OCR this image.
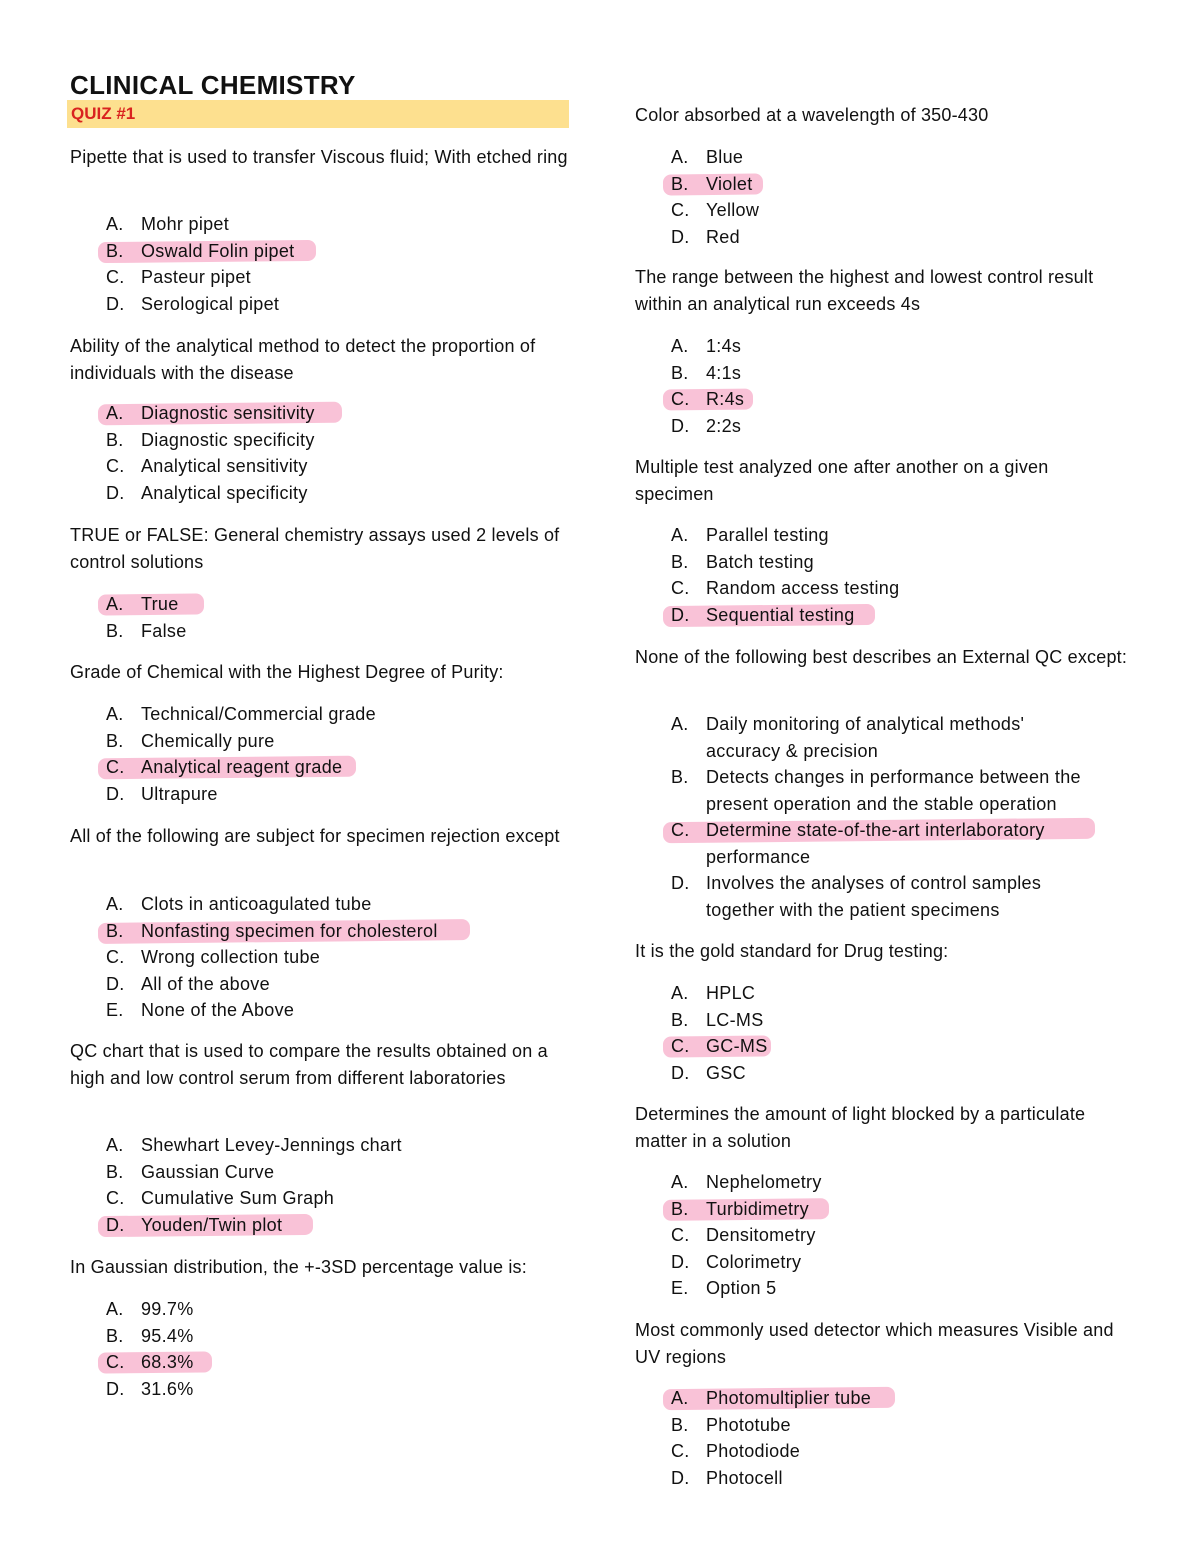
CLINICAL CHEMISTRY
QUIZ #1
Pipette that is used to transfer Viscous fluid; With etched ring
A. Mohr pipet
B. Oswald Folin pipet
C. Pasteur pipet
D. Serological pipet
Ability of the analytical method to detect the proportion of individuals with the disease
A. Diagnostic sensitivity
B. Diagnostic specificity
C. Analytical sensitivity
D. Analytical specificity
TRUE or FALSE: General chemistry assays used 2 levels of control solutions
A. True
B. False
Grade of Chemical with the Highest Degree of Purity:
A. Technical/Commercial grade
B. Chemically pure
C. Analytical reagent grade
D. Ultrapure
All of the following are subject for specimen rejection except
A. Clots in anticoagulated tube
B. Nonfasting specimen for cholesterol
C. Wrong collection tube
D. All of the above
E. None of the Above
QC chart that is used to compare the results obtained on a high and low control serum from different laboratories
A. Shewhart Levey-Jennings chart
B. Gaussian Curve
C. Cumulative Sum Graph
D. Youden/Twin plot
In Gaussian distribution, the +-3SD percentage value is:
A. 99.7%
B. 95.4%
C. 68.3%
D. 31.6%
Color absorbed at a wavelength of 350-430
A. Blue
B. Violet
C. Yellow
D. Red
The range between the highest and lowest control result within an analytical run exceeds 4s
A. 1:4s
B. 4:1s
C. R:4s
D. 2:2s
Multiple test analyzed one after another on a given specimen
A. Parallel testing
B. Batch testing
C. Random access testing
D. Sequential testing
None of the following best describes an External QC except:
A. Daily monitoring of analytical methods' accuracy & precision
B. Detects changes in performance between the present operation and the stable operation
C. Determine state-of-the-art interlaboratory performance
D. Involves the analyses of control samples together with the patient specimens
It is the gold standard for Drug testing:
A. HPLC
B. LC-MS
C. GC-MS
D. GSC
Determines the amount of light blocked by a particulate matter in a solution
A. Nephelometry
B. Turbidimetry
C. Densitometry
D. Colorimetry
E. Option 5
Most commonly used detector which measures Visible and UV regions
A. Photomultiplier tube
B. Phototube
C. Photodiode
D. Photocell
